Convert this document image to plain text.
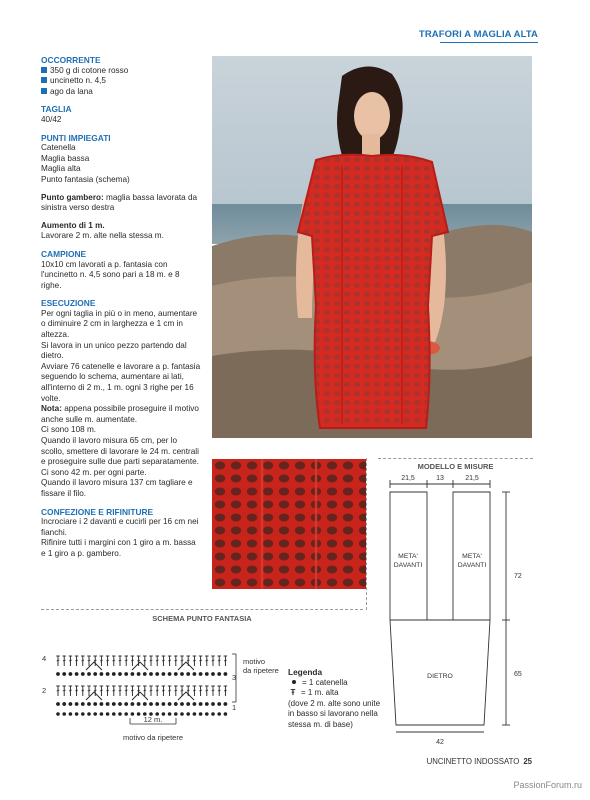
TRAFORI A MAGLIA ALTA

OCCORRENTE

350 g di cotone rosso

uncinetto n. 4,5

ago da lana

TAGLIA

40/42

PUNTI IMPIEGATI

Catenella

Maglia bassa

Maglia alta

Punto fantasia (schema)

Punto gambero: maglia bassa lavorata da sinistra verso destra

Aumento di 1 m.

Lavorare 2 m. alte nella stessa m.

CAMPIONE

10x10 cm lavorati a p. fantasia con l'uncinetto n. 4,5 sono pari a 18 m. e 8 righe.

ESECUZIONE

Per ogni taglia in più o in meno, aumentare o diminuire 2 cm in larghezza e 1 cm in altezza.

Si lavora in un unico pezzo partendo dal dietro.

Avviare 76 catenelle e lavorare a p. fantasia seguendo lo schema, aumentare ai lati, all'interno di 2 m., 1 m. ogni 3 righe per 16 volte.

Nota: appena possibile proseguire il motivo anche sulle m. aumentate.

Ci sono 108 m.

Quando il lavoro misura 65 cm, per lo scollo, smettere di lavorare le 24 m. centrali e proseguire sulle due parti separatamente.

Ci sono 42 m. per ogni parte.

Quando il lavoro misura 137 cm tagliare e fissare il filo.

CONFEZIONE E RIFINITURE

Incrociare i 2 davanti e cucirli per 16 cm nei fianchi.

Rifinire tutti i margini con 1 giro a m. bassa e 1 giro a p. gambero.

MODELLO E MISURE
21,5	13	21,5
META'
DAVANTI
META'
DAVANTI
72
65
DIETRO
42
SCHEMA PUNTO FANTASIA
4
3
2
1
motivo
da ripetere
12 m.
motivo da ripetere
Legenda
= 1 catenella
Ŧ = 1 m. alta
(dove 2 m. alte sono unite in basso si lavorano nella stessa m. di base)
UNCINETTO INDOSSATO 25
PassionForum.ru
